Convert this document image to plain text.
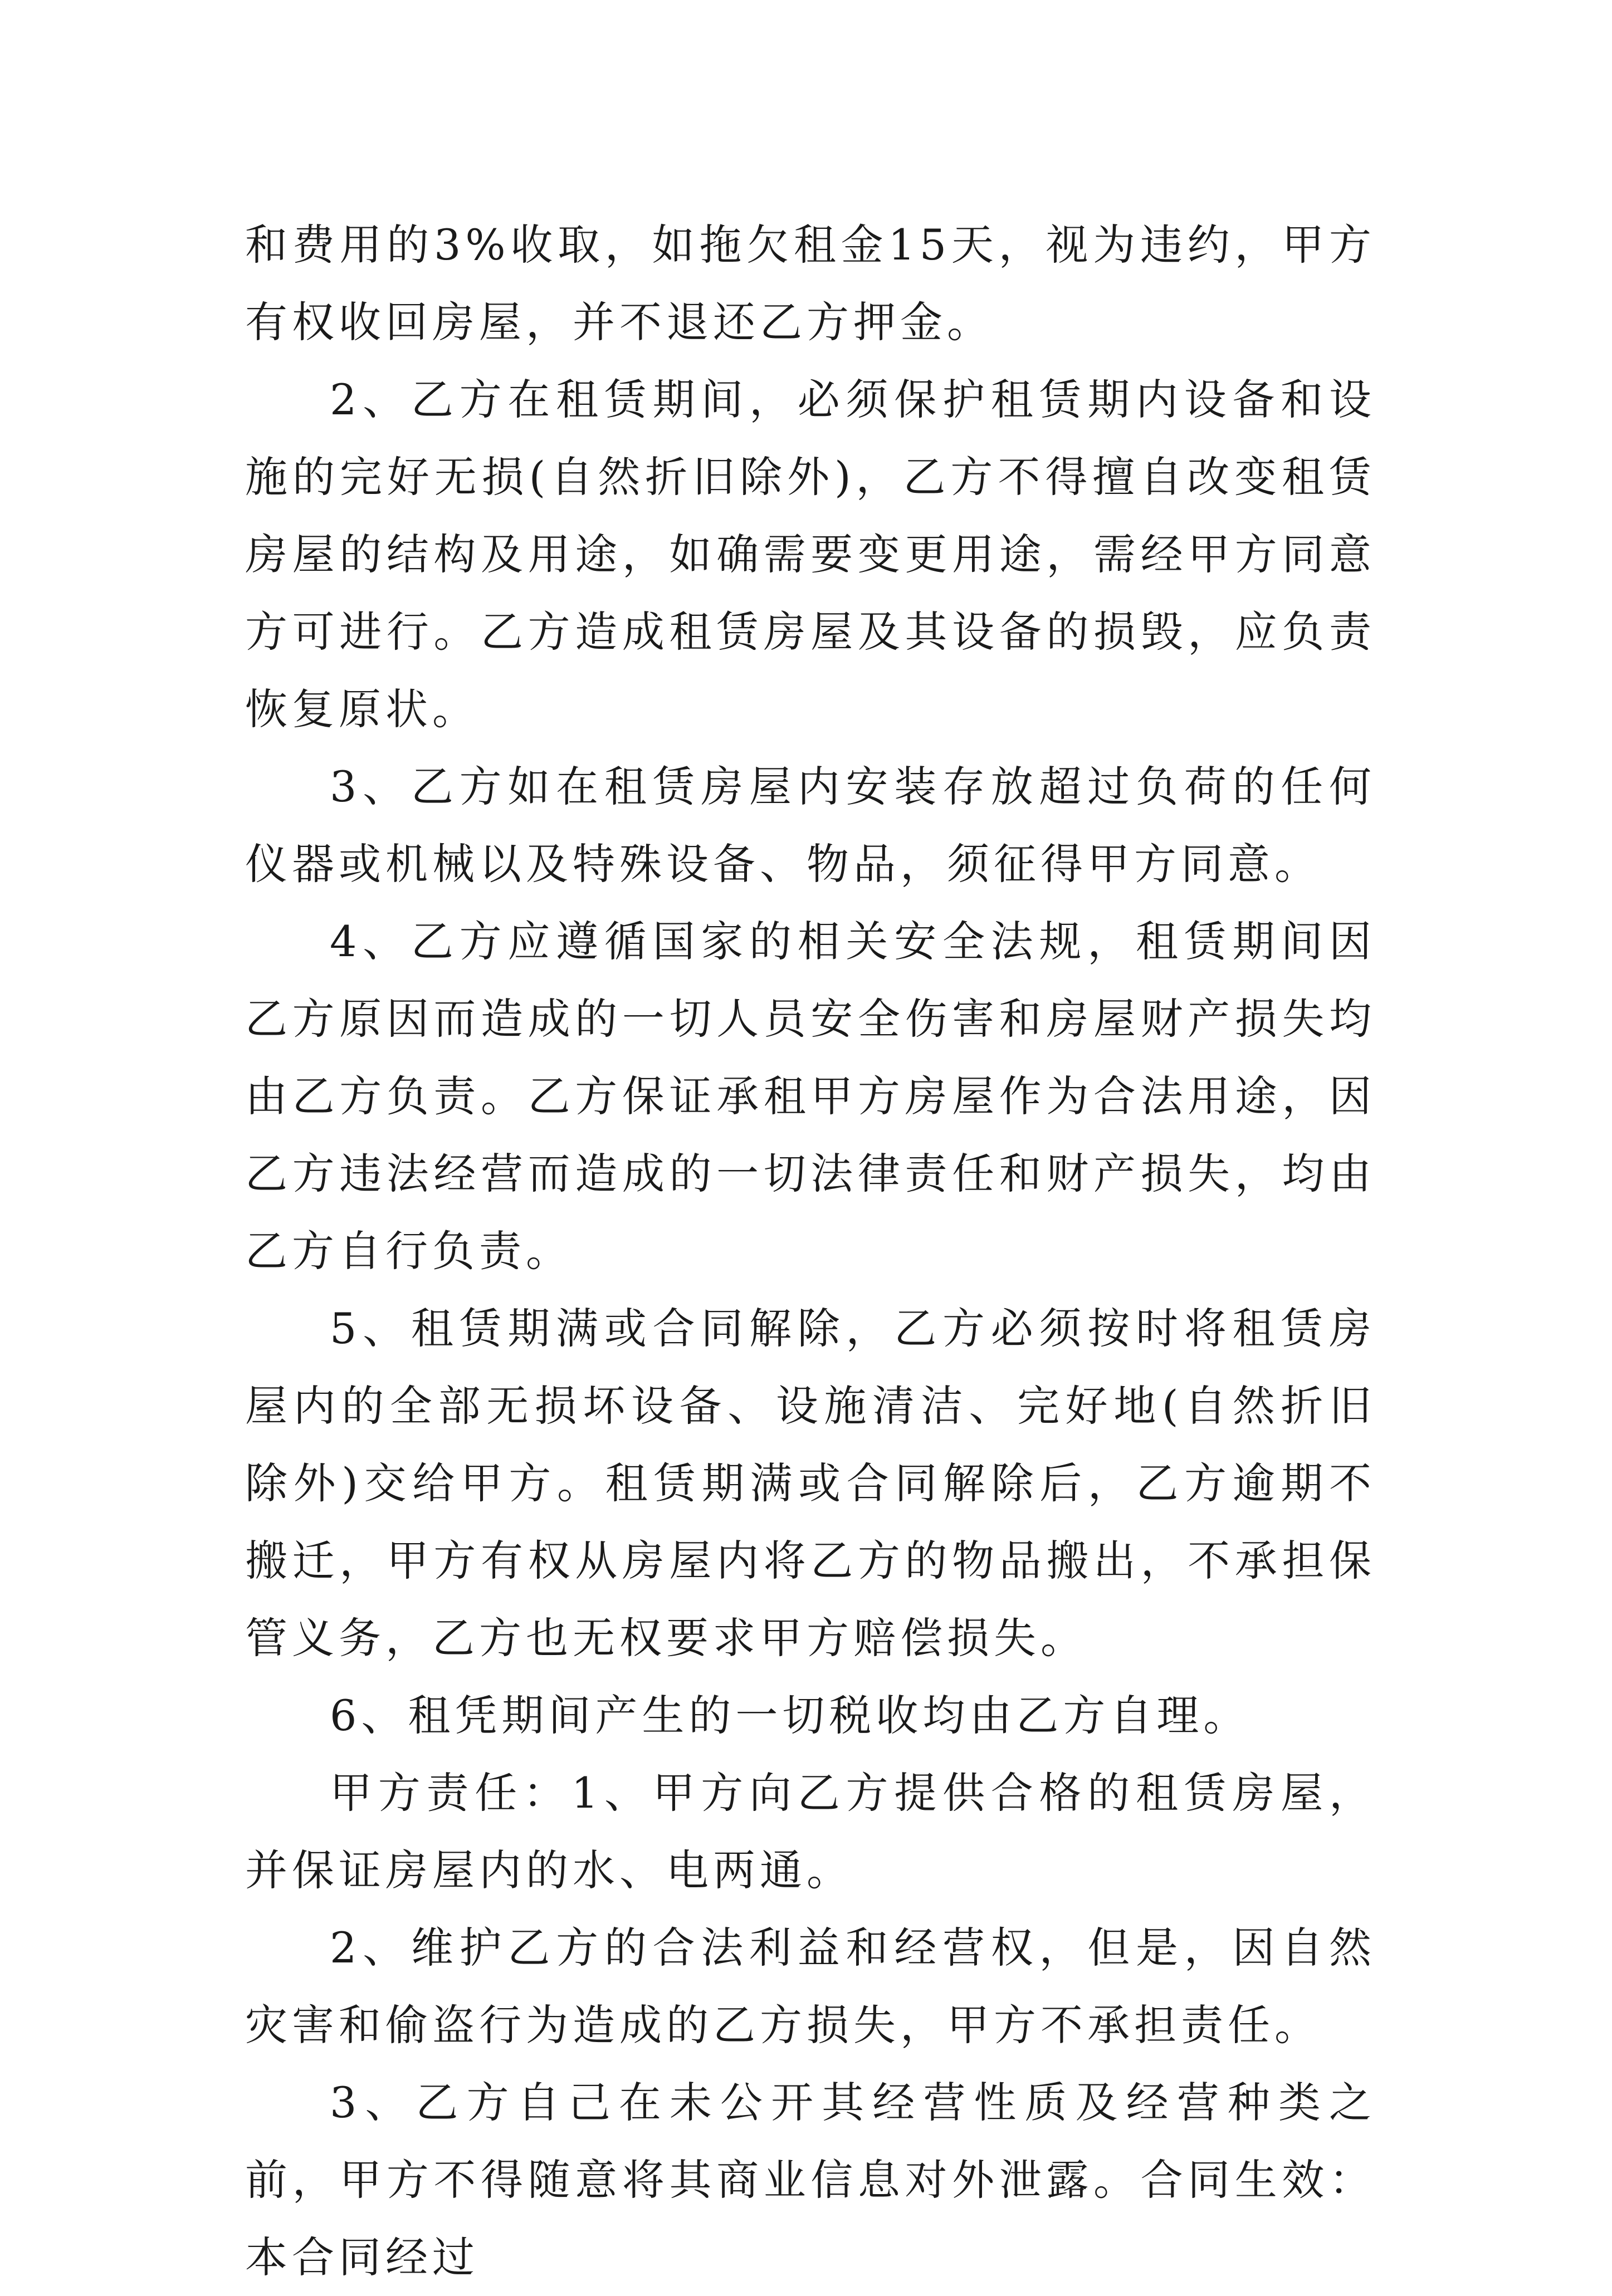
和费用的3%收取，如拖欠租金15天，视为违约，甲方有权收回房屋，并不退还乙方押金。

2、乙方在租赁期间，必须保护租赁期内设备和设施的完好无损(自然折旧除外)，乙方不得擅自改变租赁房屋的结构及用途，如确需要变更用途，需经甲方同意方可进行。乙方造成租赁房屋及其设备的损毁，应负责恢复原状。

3、乙方如在租赁房屋内安装存放超过负荷的任何仪器或机械以及特殊设备、物品，须征得甲方同意。

4、乙方应遵循国家的相关安全法规，租赁期间因乙方原因而造成的一切人员安全伤害和房屋财产损失均由乙方负责。乙方保证承租甲方房屋作为合法用途，因乙方违法经营而造成的一切法律责任和财产损失，均由乙方自行负责。

5、租赁期满或合同解除，乙方必须按时将租赁房屋内的全部无损坏设备、设施清洁、完好地(自然折旧除外)交给甲方。租赁期满或合同解除后，乙方逾期不搬迁，甲方有权从房屋内将乙方的物品搬出，不承担保管义务，乙方也无权要求甲方赔偿损失。

6、租凭期间产生的一切税收均由乙方自理。

甲方责任：1、甲方向乙方提供合格的租赁房屋，并保证房屋内的水、电两通。

2、维护乙方的合法利益和经营权，但是，因自然灾害和偷盗行为造成的乙方损失，甲方不承担责任。

3、乙方自己在未公开其经营性质及经营种类之前，甲方不得随意将其商业信息对外泄露。合同生效：本合同经过
